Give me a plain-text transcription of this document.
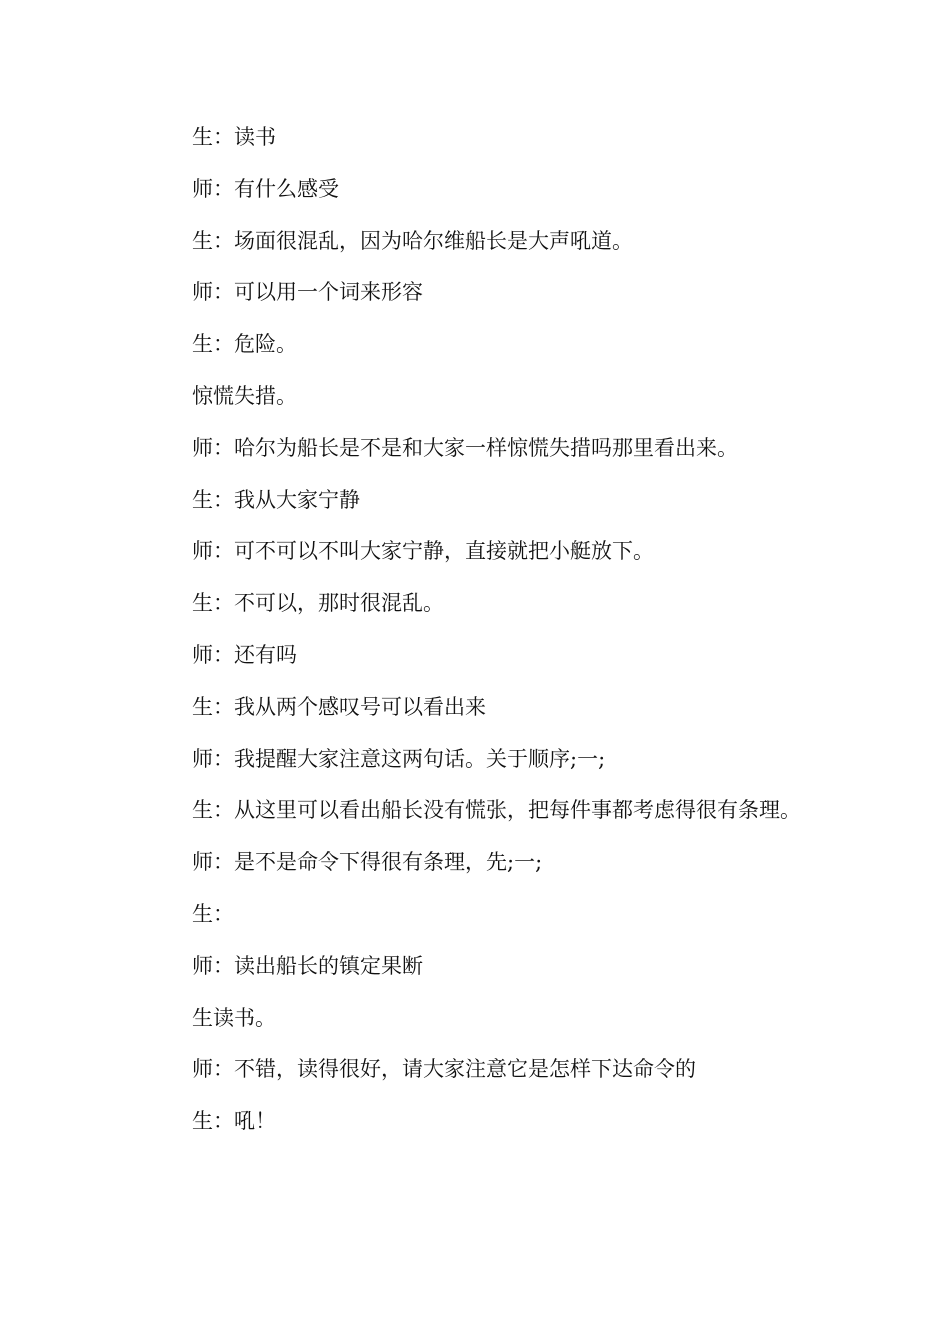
生：读书

师：有什么感受

生：场面很混乱，因为哈尔维船长是大声吼道。

师：可以用一个词来形容

生：危险。

惊慌失措。

师：哈尔为船长是不是和大家一样惊慌失措吗那里看出来。

生：我从大家宁静

师：可不可以不叫大家宁静，直接就把小艇放下。

生：不可以，那时很混乱。

师：还有吗

生：我从两个感叹号可以看出来

师：我提醒大家注意这两句话。关于顺序;一;

生：从这里可以看出船长没有慌张，把每件事都考虑得很有条理。

师：是不是命令下得很有条理，先;一;

生：

师：读出船长的镇定果断

生读书。

师：不错，读得很好，请大家注意它是怎样下达命令的

生：吼！
